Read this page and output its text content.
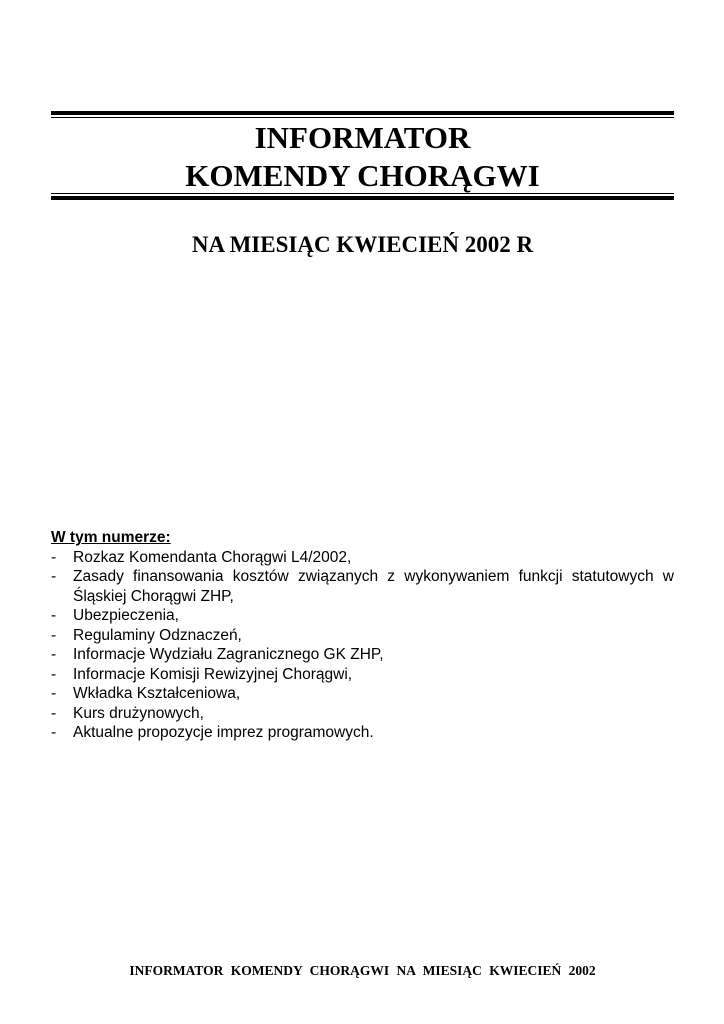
INFORMATOR
KOMENDY CHORĄGWI
NA MIESIĄC KWIECIEŃ 2002 R

W tym numerze:

- Rozkaz Komendanta Chorągwi L4/2002,
- Zasady finansowania kosztów związanych z wykonywaniem funkcji statutowych w Śląskiej Chorągwi ZHP,
- Ubezpieczenia,
- Regulaminy Odznaczeń,
- Informacje Wydziału Zagranicznego GK ZHP,
- Informacje Komisji Rewizyjnej Chorągwi,
- Wkładka Kształceniowa,
- Kurs drużynowych,
- Aktualne propozycje imprez programowych.
INFORMATOR KOMENDY CHORĄGWI NA MIESIĄC KWIECIEŃ 2002
